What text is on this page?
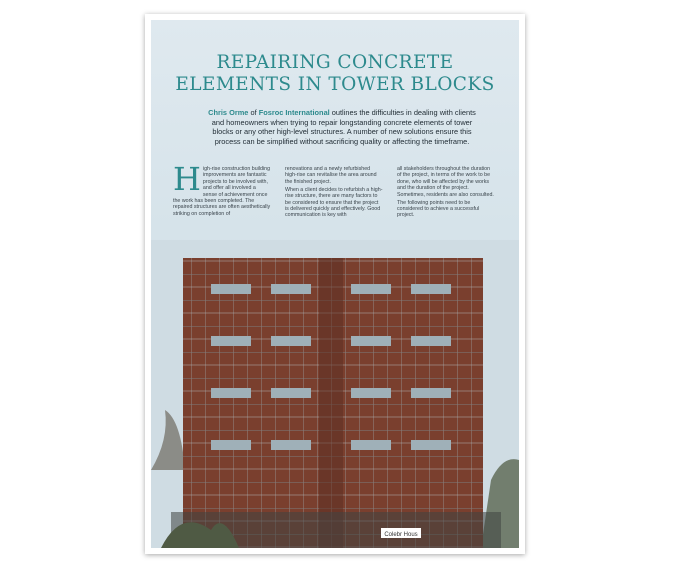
REPAIRING CONCRETE
ELEMENTS IN TOWER BLOCKS

Chris Orme of Fosroc International outlines the difficulties in dealing with clients and homeowners when trying to repair longstanding concrete elements of tower blocks or any other high-level structures. A number of new solutions ensure this process can be simplified without sacrificing quality or affecting the timeframe.

H igh-rise construction building improvements are fantastic projects to be involved with, and offer all involved a sense of achievement once the work has been completed. The repaired structures are often aesthetically striking on completion of

renovations and a newly refurbished high-rise can revitalise the area around the finished project.

When a client decides to refurbish a high-rise structure, there are many factors to be considered to ensure that the project is delivered quickly and effectively. Good communication is key with

all stakeholders throughout the duration of the project, in terms of the work to be done, who will be affected by the works and the duration of the project. Sometimes, residents are also consulted.

The following points need to be considered to achieve a successful project.

Colebr Hous
